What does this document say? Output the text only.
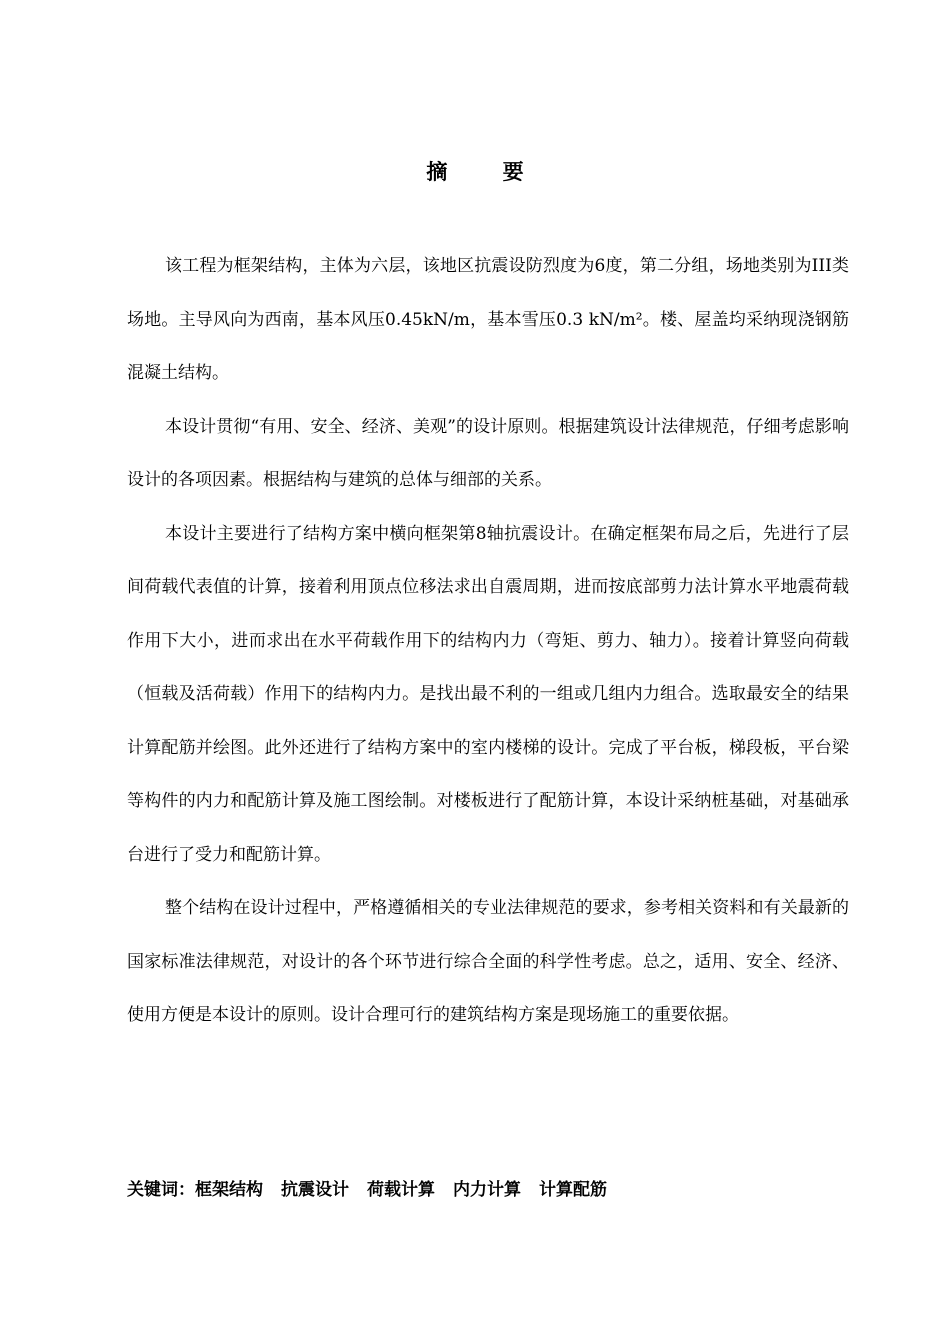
摘 要

该工程为框架结构，主体为六层，该地区抗震设防烈度为6度，第二分组，场地类别为III类场地。主导风向为西南，基本风压0.45kN/m，基本雪压0.3 kN/m²。楼、屋盖均采纳现浇钢筋混凝土结构。

本设计贯彻“有用、安全、经济、美观”的设计原则。根据建筑设计法律规范，仔细考虑影响设计的各项因素。根据结构与建筑的总体与细部的关系。

本设计主要进行了结构方案中横向框架第8轴抗震设计。在确定框架布局之后，先进行了层间荷载代表值的计算，接着利用顶点位移法求出自震周期，进而按底部剪力法计算水平地震荷载作用下大小，进而求出在水平荷载作用下的结构内力（弯矩、剪力、轴力）。接着计算竖向荷载（恒载及活荷载）作用下的结构内力。是找出最不利的一组或几组内力组合。选取最安全的结果计算配筋并绘图。此外还进行了结构方案中的室内楼梯的设计。完成了平台板，梯段板，平台梁等构件的内力和配筋计算及施工图绘制。对楼板进行了配筋计算，本设计采纳桩基础，对基础承台进行了受力和配筋计算。

整个结构在设计过程中，严格遵循相关的专业法律规范的要求，参考相关资料和有关最新的国家标准法律规范，对设计的各个环节进行综合全面的科学性考虑。总之，适用、安全、经济、使用方便是本设计的原则。设计合理可行的建筑结构方案是现场施工的重要依据。

关键词：框架结构 抗震设计 荷载计算 内力计算 计算配筋
